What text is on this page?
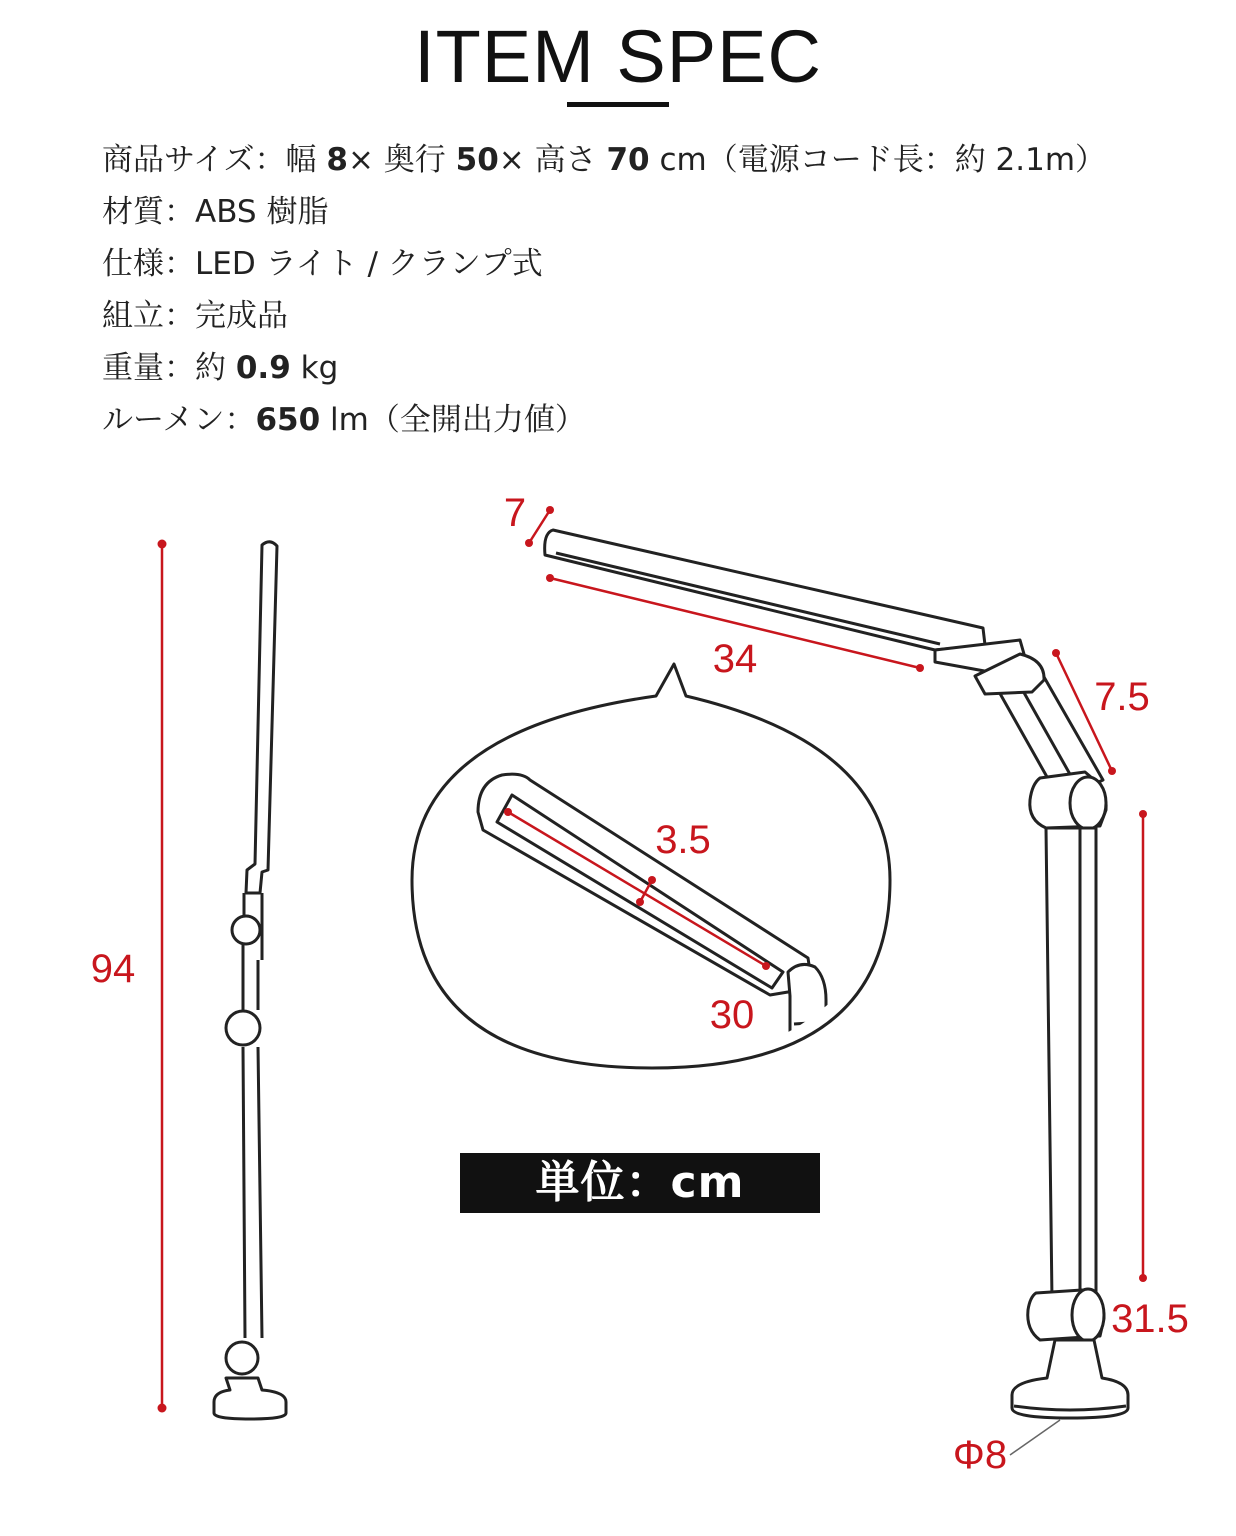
ITEM SPEC
商品サイズ：幅 8× 奥行 50× 高さ 70 cm（電源コード長：約 2.1m）
材質：ABS 樹脂
仕様：LED ライト / クランプ式
組立：完成品
重量：約 0.9 kg
ルーメン：650 lm（全開出力値）
94
7
34
7.5
31.5
Φ8
30
3.5
単位：cm
